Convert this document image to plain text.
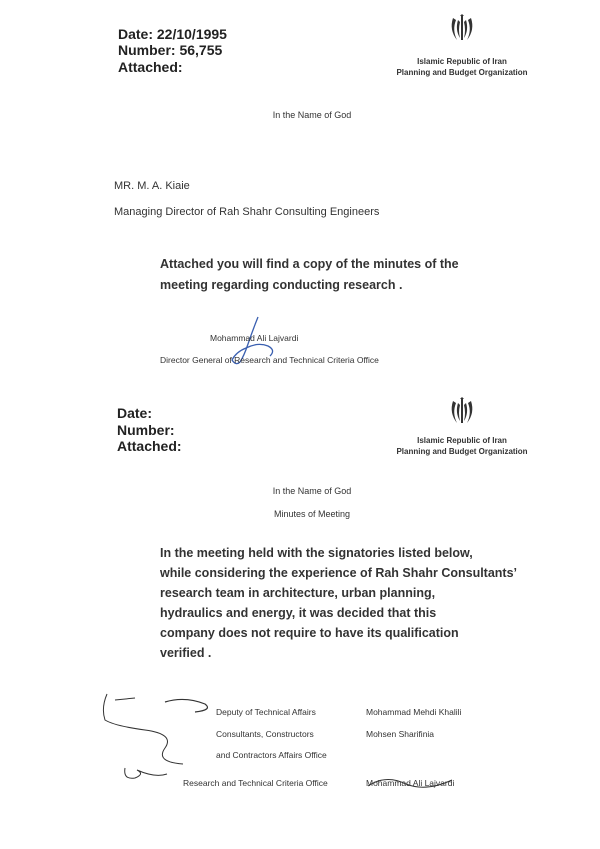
Date: 22/10/1995
Number: 56,755
Attached:	Islamic Republic of Iran
Planning and Budget Organization
In the Name of God
MR. M. A. Kiaie
Managing Director of Rah Shahr Consulting Engineers
Attached you will find a copy of the minutes of the
meeting regarding conducting research .
Mohammad Ali Lajvardi
Director General of Research and Technical Criteria Office
Date:
Number:
Attached:	Islamic Republic of Iran
Planning and Budget Organization
In the Name of God
Minutes of Meeting
In the meeting held with the signatories listed below,
while considering the experience of Rah Shahr Consultants’
research team in architecture, urban planning,
hydraulics and energy, it was decided that this
company does not require to have its qualification
verified .
Deputy of Technical Affairs
Consultants, Constructors
and Contractors Affairs Office
Research and Technical Criteria Office
Mohammad Mehdi Khalili
Mohsen Sharifinia
Mohammad Ali Lajvardi
